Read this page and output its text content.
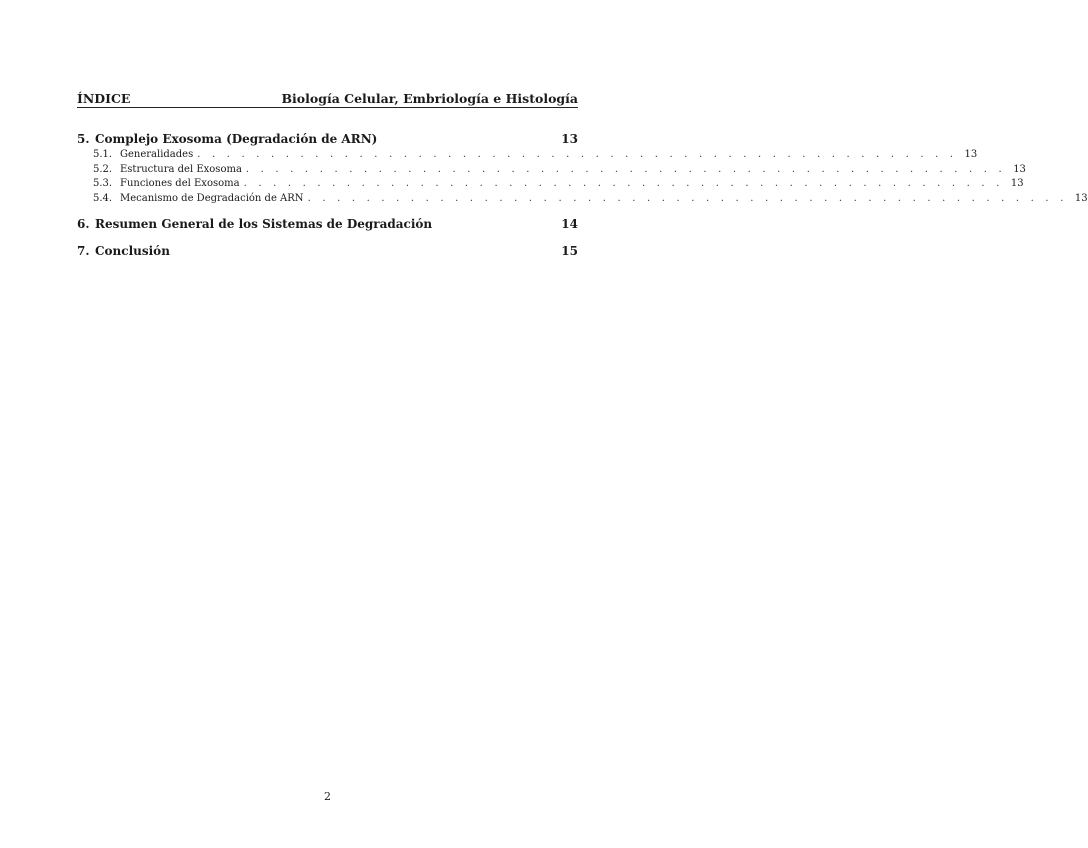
ÍNDICE	Biología Celular, Embriología e Histología
5. Complejo Exosoma (Degradación de ARN)	13
5.1. Generalidades . . . . . . . . . . . . . . . . . . . . . . . . . . . . . . . . . . . . . . . . . . . . . . . . . . . . 13
5.2. Estructura del Exosoma . . . . . . . . . . . . . . . . . . . . . . . . . . . . . . . . . . . . . . . . . . . . . . . . . . . . 13
5.3. Funciones del Exosoma . . . . . . . . . . . . . . . . . . . . . . . . . . . . . . . . . . . . . . . . . . . . . . . . . . . . 13
5.4. Mecanismo de Degradación de ARN . . . . . . . . . . . . . . . . . . . . . . . . . . . . . . . . . . . . . . . . . . . . . . . . . . . . 13
6. Resumen General de los Sistemas de Degradación	14
7. Conclusión	15
2
